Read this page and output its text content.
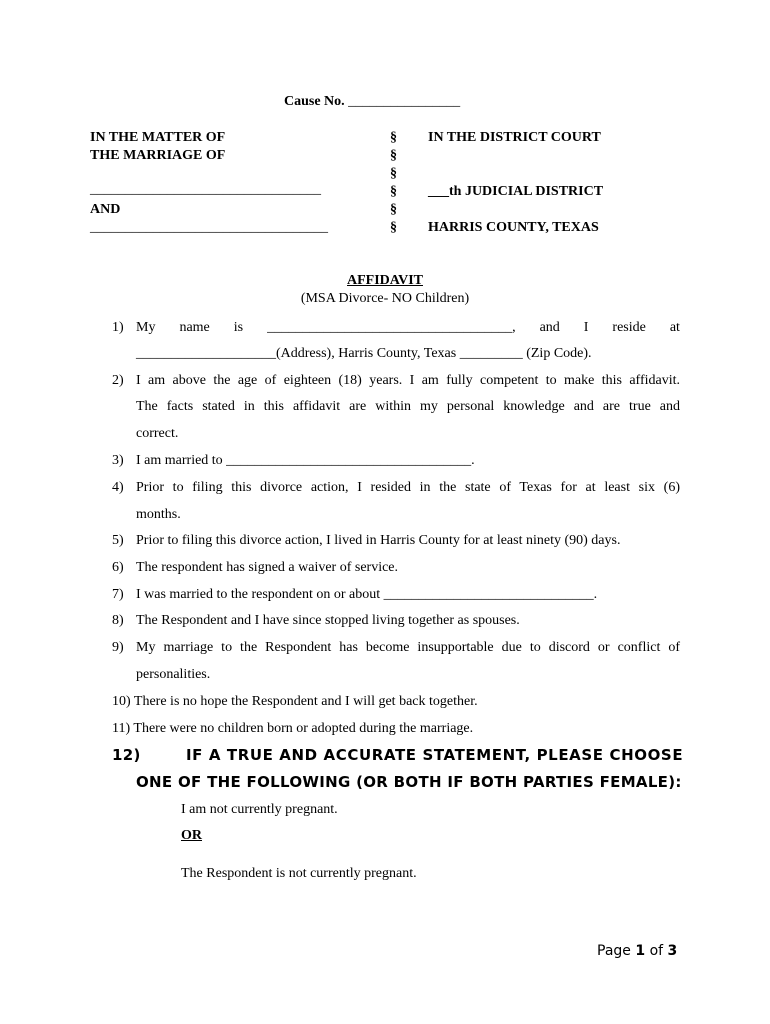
Cause No. ________________
IN THE MATTER OF
THE MARRIAGE OF
_________________________________
AND
__________________________________
§
§
§
§
§
§
IN THE DISTRICT COURT
___th JUDICIAL DISTRICT
HARRIS COUNTY, TEXAS
AFFIDAVIT
(MSA Divorce- NO Children)
1) My name is ___________________________________, and I reside at
____________________(Address), Harris County, Texas _________ (Zip Code).
2) I am above the age of eighteen (18) years. I am fully competent to make this affidavit.
The facts stated in this affidavit are within my personal knowledge and are true and
correct.
3) I am married to ___________________________________.
4) Prior to filing this divorce action, I resided in the state of Texas for at least six (6)
months.
5) Prior to filing this divorce action, I lived in Harris County for at least ninety (90) days.
6) The respondent has signed a waiver of service.
7) I was married to the respondent on or about ______________________________.
8) The Respondent and I have since stopped living together as spouses.
9) My marriage to the Respondent has become insupportable due to discord or conflict of
personalities.
10) There is no hope the Respondent and I will get back together.
11) There were no children born or adopted during the marriage.
12)	IF A TRUE AND ACCURATE STATEMENT, PLEASE CHOOSE
ONE OF THE FOLLOWING (OR BOTH IF BOTH PARTIES FEMALE):
I am not currently pregnant.
OR
The Respondent is not currently pregnant.
Page 1 of 3
